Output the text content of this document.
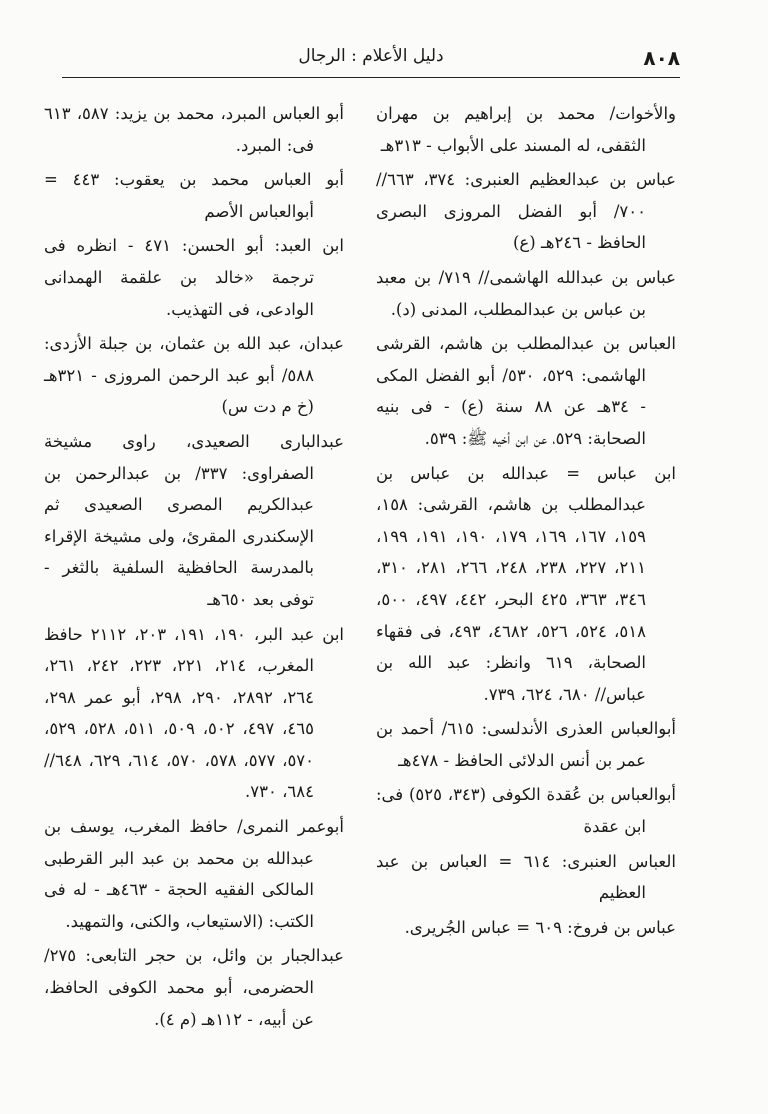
٨٠٨
دليل الأعلام : الرجال

والأخوات/ محمد بن إبراهيم بن مهران الثقفى، له المسند على الأبواب - ٣١٣هـ

عباس بن عبدالعظيم العنبرى: ٣٧٤، ٦٦٣// ٧٠٠/ أبو الفضل المروزى البصرى الحافظ - ٢٤٦هـ (ع)

عباس بن عبدالله الهاشمى// ٧١٩/ بن معبد بن عباس بن عبدالمطلب، المدنى (د).

العباس بن عبدالمطلب بن هاشم، القرشى الهاشمى: ٥٢٩، ٥٣٠/ أبو الفضل المكى - ٣٤هـ عن ٨٨ سنة (ع) - فى بنيه الصحابة: ٥٢٩، عن ابن أخيه ﷺ: ٥٣٩.

ابن عباس = عبدالله بن عباس بن عبدالمطلب بن هاشم، القرشى: ١٥٨، ١٥٩، ١٦٧، ١٦٩، ١٧٩، ١٩٠، ١٩١، ١٩٩، ٢١١، ٢٢٧، ٢٣٨، ٢٤٨، ٢٦٦، ٢٨١، ٣١٠، ٣٤٦، ٣٦٣، ٤٢٥ البحر، ٤٤٢، ٤٩٧، ٥٠٠، ٥١٨، ٥٢٤، ٥٢٦، ٤٦٨٢، ٤٩٣، فى فقهاء الصحابة، ٦١٩ وانظر: عبد الله بن عباس// ٦٨٠، ٦٢٤، ٧٣٩.

أبوالعباس العذرى الأندلسى: ٦١٥/ أحمد بن عمر بن أنس الدلائى الحافظ - ٤٧٨هـ

أبوالعباس بن عُقدة الكوفى (٣٤٣، ٥٢٥) فى: ابن عقدة

العباس العنبرى: ٦١٤ = العباس بن عبد العظيم

عباس بن فروخ: ٦٠٩ = عباس الجُريرى.

أبو العباس المبرد، محمد بن يزيد: ٥٨٧، ٦١٣ فى: المبرد.

أبو العباس محمد بن يعقوب: ٤٤٣ = أبوالعباس الأصم

ابن العبد: أبو الحسن: ٤٧١ - انظره فى ترجمة «خالد بن علقمة الهمدانى الوادعى، فى التهذيب.

عبدان، عبد الله بن عثمان، بن جبلة الأزدى: ٥٨٨/ أبو عبد الرحمن المروزى - ٣٢١هـ (خ م دت س)

عبدالبارى الصعيدى، راوى مشيخة الصفراوى: ٣٣٧/ بن عبدالرحمن بن عبدالكريم المصرى الصعيدى ثم الإسكندرى المقرئ، ولى مشيخة الإقراء بالمدرسة الحافظية السلفية بالثغر - توفى بعد ٦٥٠هـ

ابن عبد البر، ١٩٠، ١٩١، ٢٠٣، ٢١١٢ حافظ المغرب، ٢١٤، ٢٢١، ٢٢٣، ٢٤٢، ٢٦١، ٢٦٤، ٢٨٩٢، ٢٩٠، ٢٩٨، أبو عمر ٢٩٨، ٤٦٥، ٤٩٧، ٥٠٢، ٥٠٩، ٥١١، ٥٢٨، ٥٢٩، ٥٧٠، ٥٧٧، ٥٧٨، ٥٧٠، ٦١٤، ٦٢٩، ٦٤٨// ٦٨٤، ٧٣٠.

أبوعمر النمرى/ حافظ المغرب، يوسف بن عبدالله بن محمد بن عبد البر القرطبى المالكى الفقيه الحجة - ٤٦٣هـ - له فى الكتب: (الاستيعاب، والكنى، والتمهيد.

عبدالجبار بن وائل، بن حجر التابعى: ٢٧٥/ الحضرمى، أبو محمد الكوفى الحافظ، عن أبيه، - ١١٢هـ (م ٤).
